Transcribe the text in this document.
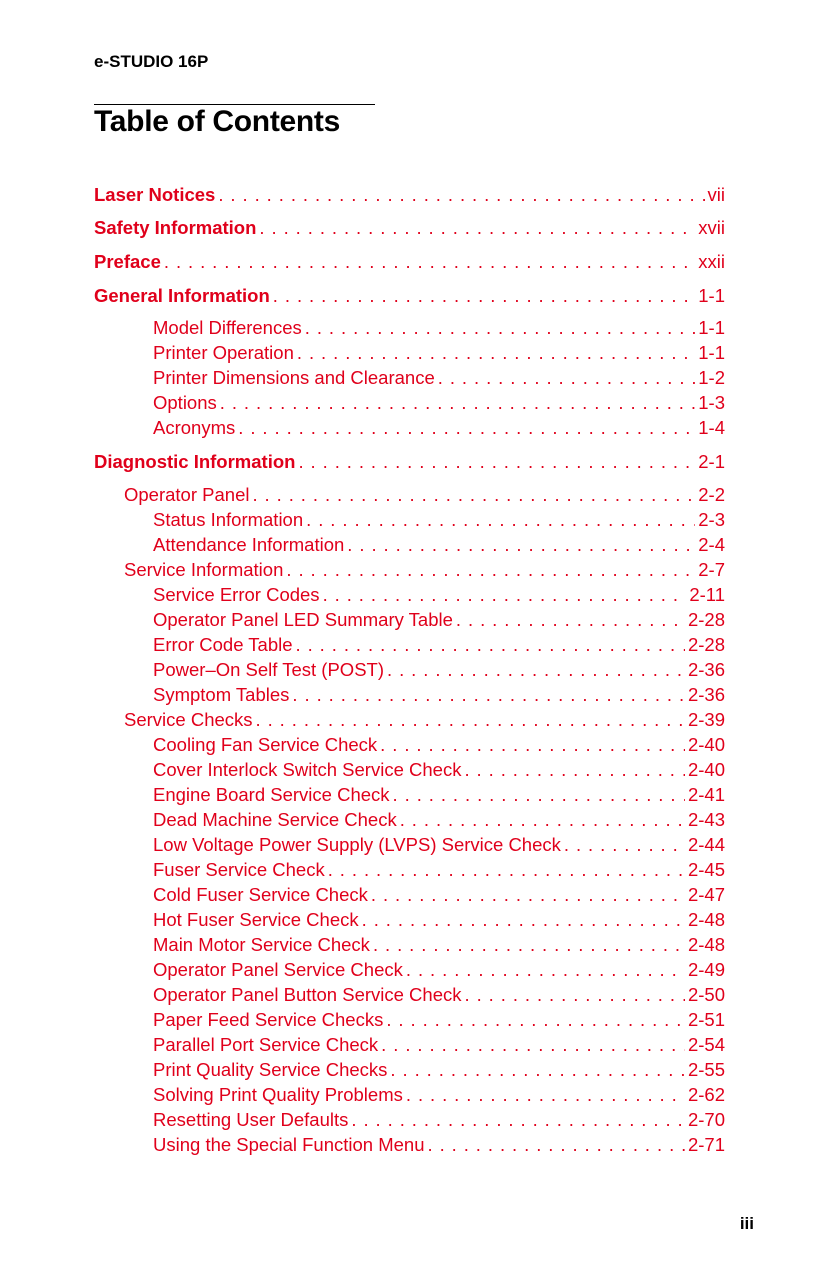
e-STUDIO 16P
Table of Contents
Laser Notices . . .	vii
Safety Information . . .	xvii
Preface . . .	xxii
General Information . . .	1-1
Model Differences . . .	1-1
Printer Operation . . .	1-1
Printer Dimensions and Clearance . . .	1-2
Options . . .	1-3
Acronyms . . .	1-4
Diagnostic Information . . .	2-1
Operator Panel . . .	2-2
Status Information . . .	2-3
Attendance Information . . .	2-4
Service Information . . .	2-7
Service Error Codes . . .	2-11
Operator Panel LED Summary Table . . .	2-28
Error Code Table . . .	2-28
Power–On Self Test (POST) . . .	2-36
Symptom Tables . . .	2-36
Service Checks . . .	2-39
Cooling Fan Service Check . . .	2-40
Cover Interlock Switch Service Check . . .	2-40
Engine Board Service Check . . .	2-41
Dead Machine Service Check . . .	2-43
Low Voltage Power Supply (LVPS) Service Check . . .	2-44
Fuser Service Check . . .	2-45
Cold Fuser Service Check . . .	2-47
Hot Fuser Service Check . . .	2-48
Main Motor Service Check . . .	2-48
Operator Panel Service Check . . .	2-49
Operator Panel Button Service Check . . .	2-50
Paper Feed Service Checks . . .	2-51
Parallel Port Service Check . . .	2-54
Print Quality Service Checks . . .	2-55
Solving Print Quality Problems . . .	2-62
Resetting User Defaults . . .	2-70
Using the Special Function Menu . . .	2-71
iii
